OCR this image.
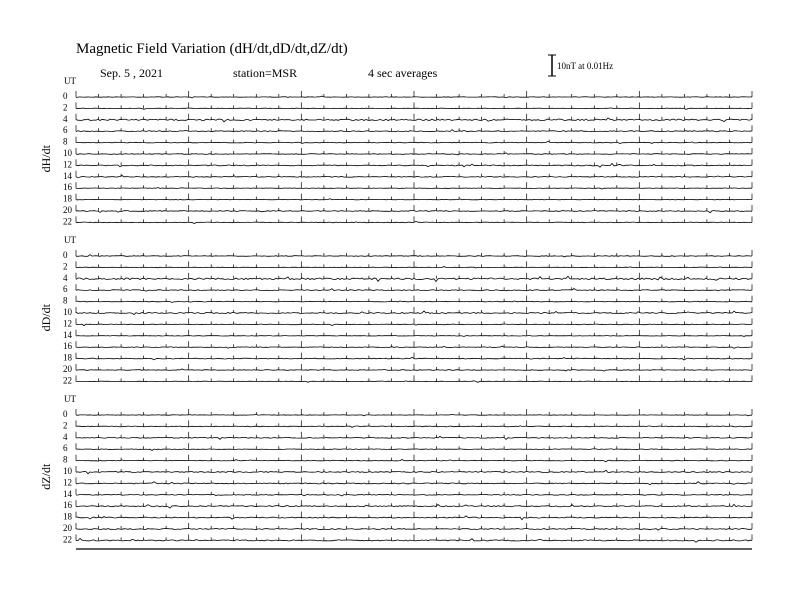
Magnetic Field Variation (dH/dt,dD/dt,dZ/dt)
Sep. 5 , 2021	station=MSR	4 sec averages	10nT at 0.01Hz
UT
dH/dt
0
2
4
6
8
10
12
14
16
18
20
22
UT
dD/dt
0
2
4
6
8
10
12
14
16
18
20
22
UT
dZ/dt
0
2
4
6
8
10
12
14
16
18
20
22
